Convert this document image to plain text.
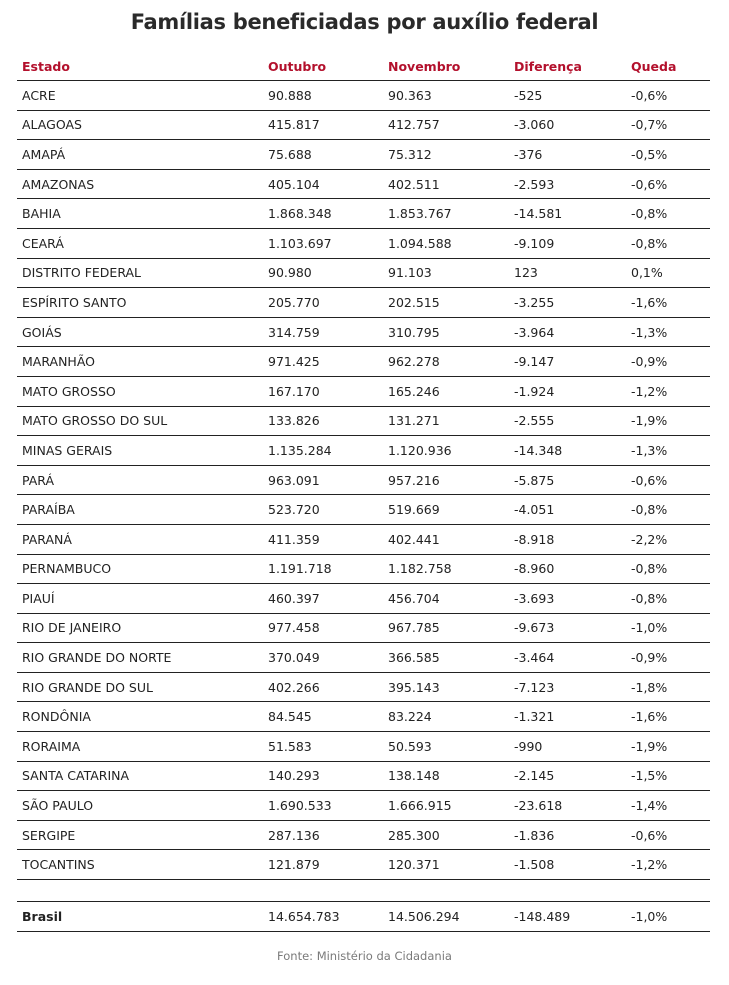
Famílias beneficiadas por auxílio federal
Estado	Outubro	Novembro	Diferença	Queda
ACRE	90.888	90.363	-525	-0,6%
ALAGOAS	415.817	412.757	-3.060	-0,7%
AMAPÁ	75.688	75.312	-376	-0,5%
AMAZONAS	405.104	402.511	-2.593	-0,6%
BAHIA	1.868.348	1.853.767	-14.581	-0,8%
CEARÁ	1.103.697	1.094.588	-9.109	-0,8%
DISTRITO FEDERAL	90.980	91.103	123	0,1%
ESPÍRITO SANTO	205.770	202.515	-3.255	-1,6%
GOIÁS	314.759	310.795	-3.964	-1,3%
MARANHÃO	971.425	962.278	-9.147	-0,9%
MATO GROSSO	167.170	165.246	-1.924	-1,2%
MATO GROSSO DO SUL	133.826	131.271	-2.555	-1,9%
MINAS GERAIS	1.135.284	1.120.936	-14.348	-1,3%
PARÁ	963.091	957.216	-5.875	-0,6%
PARAÍBA	523.720	519.669	-4.051	-0,8%
PARANÁ	411.359	402.441	-8.918	-2,2%
PERNAMBUCO	1.191.718	1.182.758	-8.960	-0,8%
PIAUÍ	460.397	456.704	-3.693	-0,8%
RIO DE JANEIRO	977.458	967.785	-9.673	-1,0%
RIO GRANDE DO NORTE	370.049	366.585	-3.464	-0,9%
RIO GRANDE DO SUL	402.266	395.143	-7.123	-1,8%
RONDÔNIA	84.545	83.224	-1.321	-1,6%
RORAIMA	51.583	50.593	-990	-1,9%
SANTA CATARINA	140.293	138.148	-2.145	-1,5%
SÃO PAULO	1.690.533	1.666.915	-23.618	-1,4%
SERGIPE	287.136	285.300	-1.836	-0,6%
TOCANTINS	121.879	120.371	-1.508	-1,2%

Brasil	14.654.783	14.506.294	-148.489	-1,0%
Fonte: Ministério da Cidadania
